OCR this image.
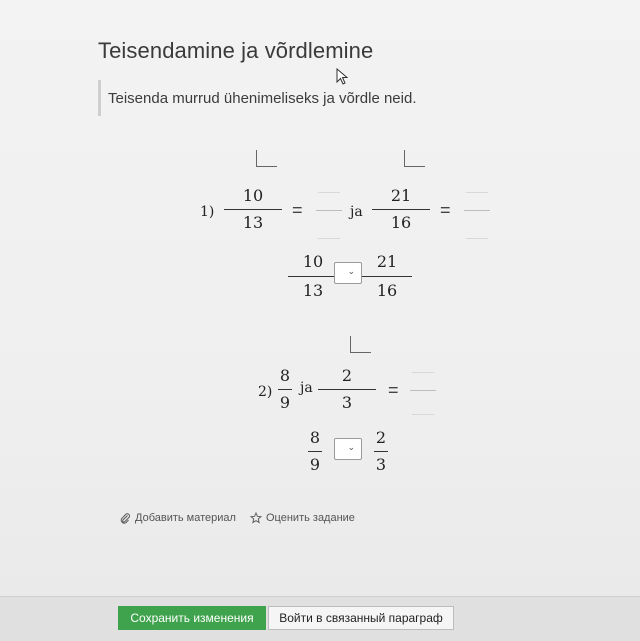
Teisendamine ja võrdlemine
Teisenda murrud ühenimeliseks ja võrdle neid.
1)
10
13
=	ja
21
16
=
10
13
⌄	21
16
2)
8
9
ja
2
3
=
8
9
⌄	2
3
Добавить материал	Оценить задание
Сохранить изменения	Войти в связанный параграф
